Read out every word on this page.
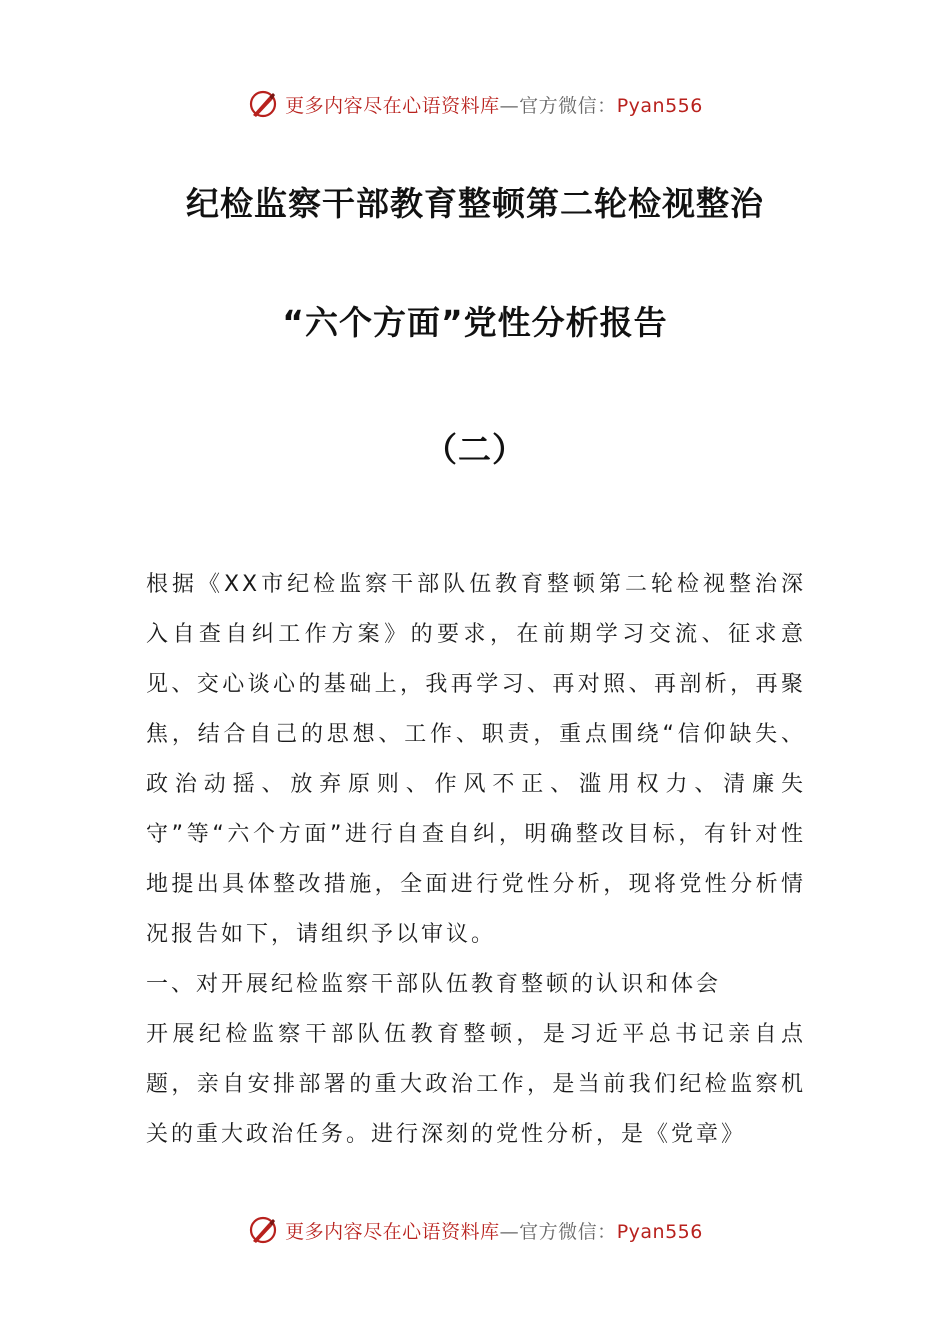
更多内容尽在心语资料库—官方微信：Pyan556
纪检监察干部教育整顿第二轮检视整治
“六个方面”党性分析报告
（二）

根据《XX市纪检监察干部队伍教育整顿第二轮检视整治深入自查自纠工作方案》的要求，在前期学习交流、征求意见、交心谈心的基础上，我再学习、再对照、再剖析，再聚焦，结合自己的思想、工作、职责，重点围绕“信仰缺失、政治动摇、放弃原则、作风不正、滥用权力、清廉失守”等“六个方面”进行自查自纠，明确整改目标，有针对性地提出具体整改措施，全面进行党性分析，现将党性分析情况报告如下，请组织予以审议。

一、对开展纪检监察干部队伍教育整顿的认识和体会

开展纪检监察干部队伍教育整顿，是习近平总书记亲自点题，亲自安排部署的重大政治工作，是当前我们纪检监察机关的重大政治任务。进行深刻的党性分析，是《党章》

更多内容尽在心语资料库—官方微信：Pyan556
